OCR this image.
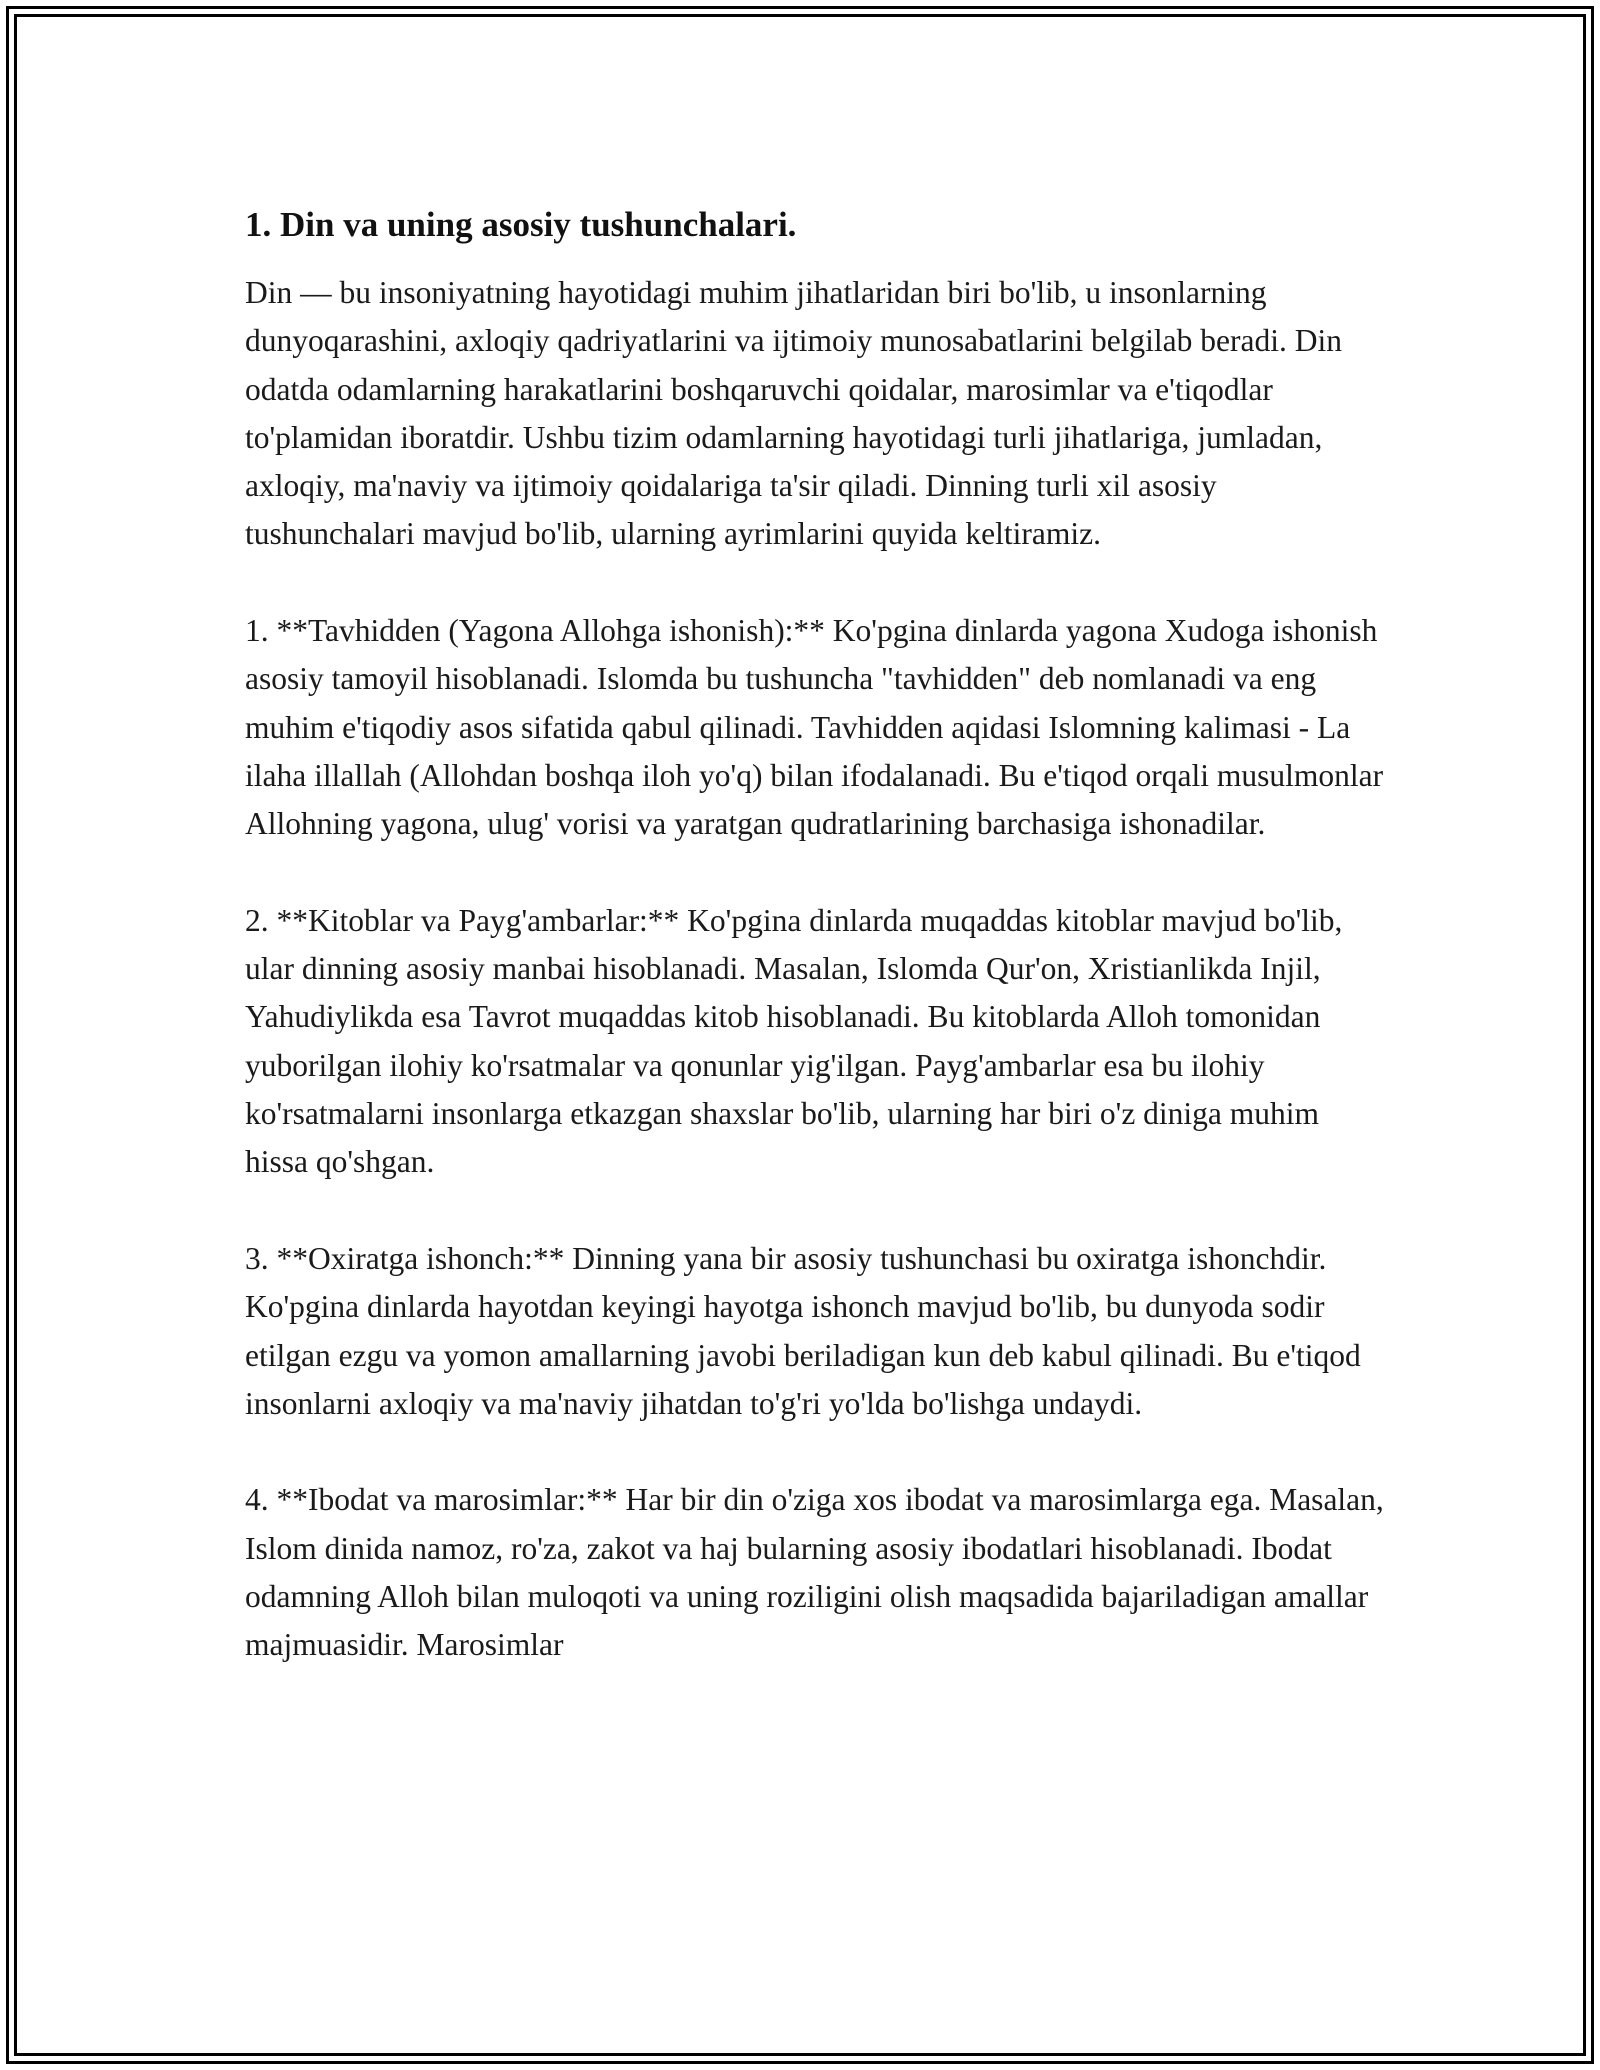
1. Din va uning asosiy tushunchalari.

Din — bu insoniyatning hayotidagi muhim jihatlaridan biri bo'lib, u insonlarning dunyoqarashini, axloqiy qadriyatlarini va ijtimoiy munosabatlarini belgilab beradi. Din odatda odamlarning harakatlarini boshqaruvchi qoidalar, marosimlar va e'tiqodlar to'plamidan iboratdir. Ushbu tizim odamlarning hayotidagi turli jihatlariga, jumladan, axloqiy, ma'naviy va ijtimoiy qoidalariga ta'sir qiladi. Dinning turli xil asosiy tushunchalari mavjud bo'lib, ularning ayrimlarini quyida keltiramiz.

1. **Tavhidden (Yagona Allohga ishonish):** Ko'pgina dinlarda yagona Xudoga ishonish asosiy tamoyil hisoblanadi. Islomda bu tushuncha "tavhidden" deb nomlanadi va eng muhim e'tiqodiy asos sifatida qabul qilinadi. Tavhidden aqidasi Islomning kalimasi - La ilaha illallah (Allohdan boshqa iloh yo'q) bilan ifodalanadi. Bu e'tiqod orqali musulmonlar Allohning yagona, ulug' vorisi va yaratgan qudratlarining barchasiga ishonadilar.

2. **Kitoblar va Payg'ambarlar:** Ko'pgina dinlarda muqaddas kitoblar mavjud bo'lib, ular dinning asosiy manbai hisoblanadi. Masalan, Islomda Qur'on, Xristianlikda Injil, Yahudiylikda esa Tavrot muqaddas kitob hisoblanadi. Bu kitoblarda Alloh tomonidan yuborilgan ilohiy ko'rsatmalar va qonunlar yig'ilgan. Payg'ambarlar esa bu ilohiy ko'rsatmalarni insonlarga etkazgan shaxslar bo'lib, ularning har biri o'z diniga muhim hissa qo'shgan.

3. **Oxiratga ishonch:** Dinning yana bir asosiy tushunchasi bu oxiratga ishonchdir. Ko'pgina dinlarda hayotdan keyingi hayotga ishonch mavjud bo'lib, bu dunyoda sodir etilgan ezgu va yomon amallarning javobi beriladigan kun deb kabul qilinadi. Bu e'tiqod insonlarni axloqiy va ma'naviy jihatdan to'g'ri yo'lda bo'lishga undaydi.

4. **Ibodat va marosimlar:** Har bir din o'ziga xos ibodat va marosimlarga ega. Masalan, Islom dinida namoz, ro'za, zakot va haj bularning asosiy ibodatlari hisoblanadi. Ibodat odamning Alloh bilan muloqoti va uning roziligini olish maqsadida bajariladigan amallar majmuasidir. Marosimlar
